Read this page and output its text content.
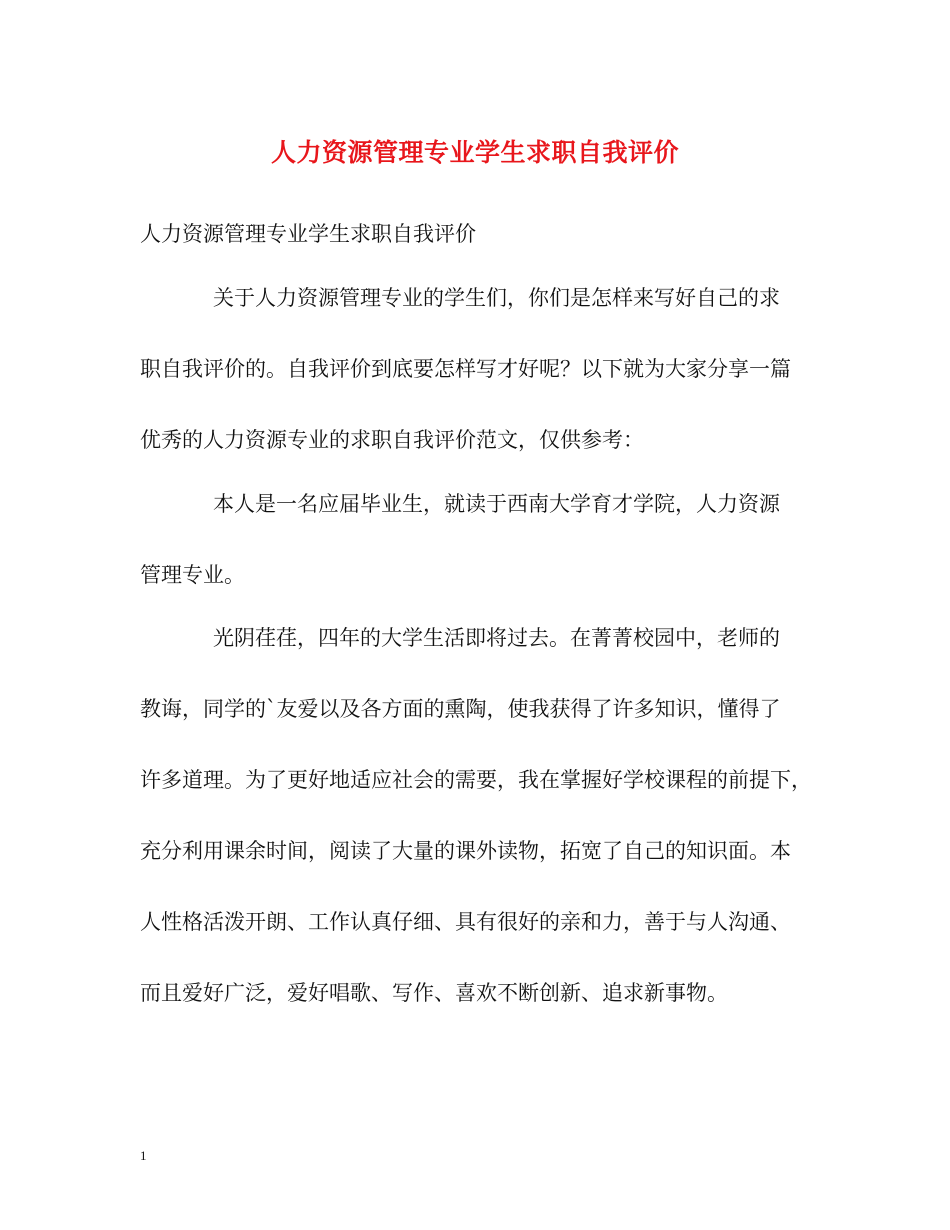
人力资源管理专业学生求职自我评价
人力资源管理专业学生求职自我评价
关于人力资源管理专业的学生们，你们是怎样来写好自己的求
职自我评价的。自我评价到底要怎样写才好呢？以下就为大家分享一篇
优秀的人力资源专业的求职自我评价范文，仅供参考：
本人是一名应届毕业生，就读于西南大学育才学院，人力资源
管理专业。
光阴荏荏，四年的大学生活即将过去。在菁菁校园中，老师的
教诲，同学的`友爱以及各方面的熏陶，使我获得了许多知识，懂得了
许多道理。为了更好地适应社会的需要，我在掌握好学校课程的前提下，
充分利用课余时间，阅读了大量的课外读物，拓宽了自己的知识面。本
人性格活泼开朗、工作认真仔细、具有很好的亲和力，善于与人沟通、
而且爱好广泛，爱好唱歌、写作、喜欢不断创新、追求新事物。
1
